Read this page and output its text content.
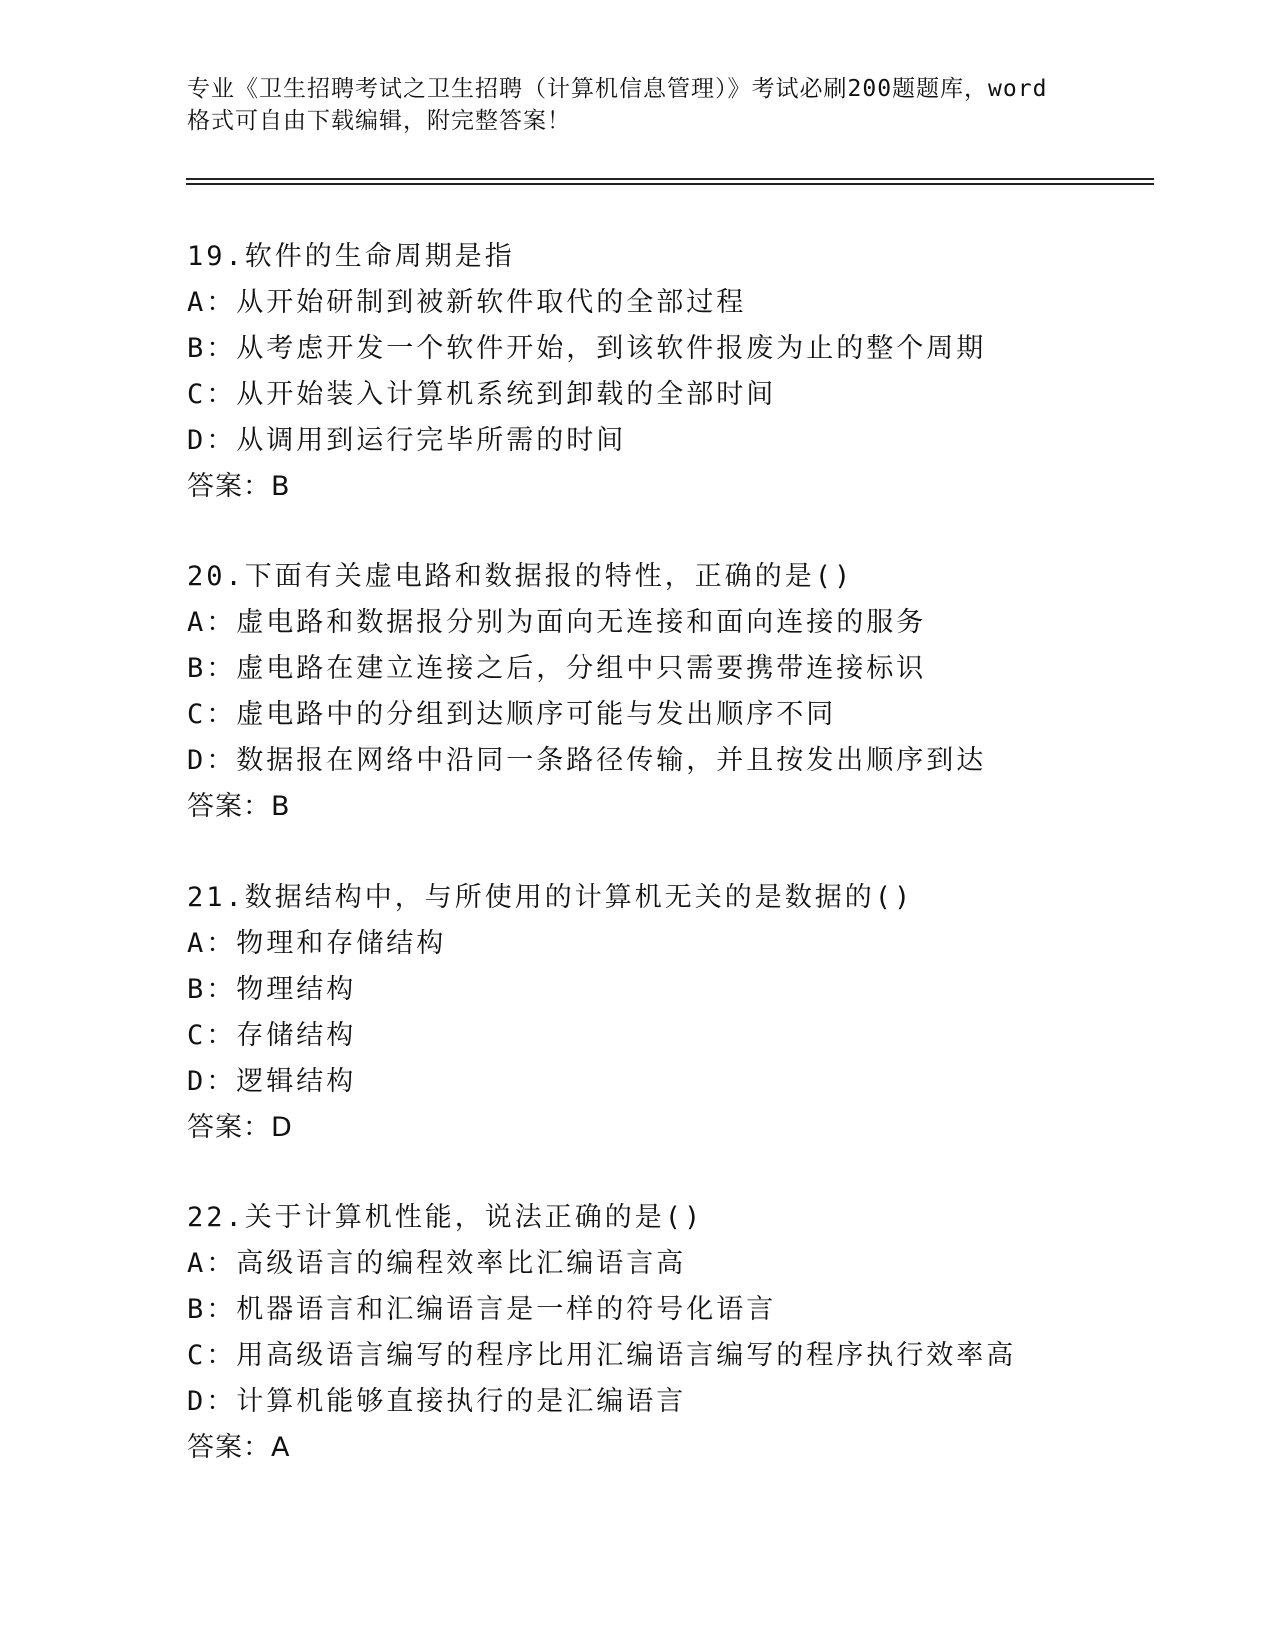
专业《卫生招聘考试之卫生招聘（计算机信息管理）》考试必刷200题题库，word

格式可自由下载编辑，附完整答案！

19.软件的生命周期是指
A：从开始研制到被新软件取代的全部过程
B：从考虑开发一个软件开始，到该软件报废为止的整个周期
C：从开始装入计算机系统到卸载的全部时间
D：从调用到运行完毕所需的时间
答案：B
20.下面有关虚电路和数据报的特性，正确的是()
A：虚电路和数据报分别为面向无连接和面向连接的服务
B：虚电路在建立连接之后，分组中只需要携带连接标识
C：虚电路中的分组到达顺序可能与发出顺序不同
D：数据报在网络中沿同一条路径传输，并且按发出顺序到达
答案：B
21.数据结构中，与所使用的计算机无关的是数据的()
A：物理和存储结构
B：物理结构
C：存储结构
D：逻辑结构
答案：D
22.关于计算机性能，说法正确的是()
A：高级语言的编程效率比汇编语言高
B：机器语言和汇编语言是一样的符号化语言
C：用高级语言编写的程序比用汇编语言编写的程序执行效率高
D：计算机能够直接执行的是汇编语言
答案：A
